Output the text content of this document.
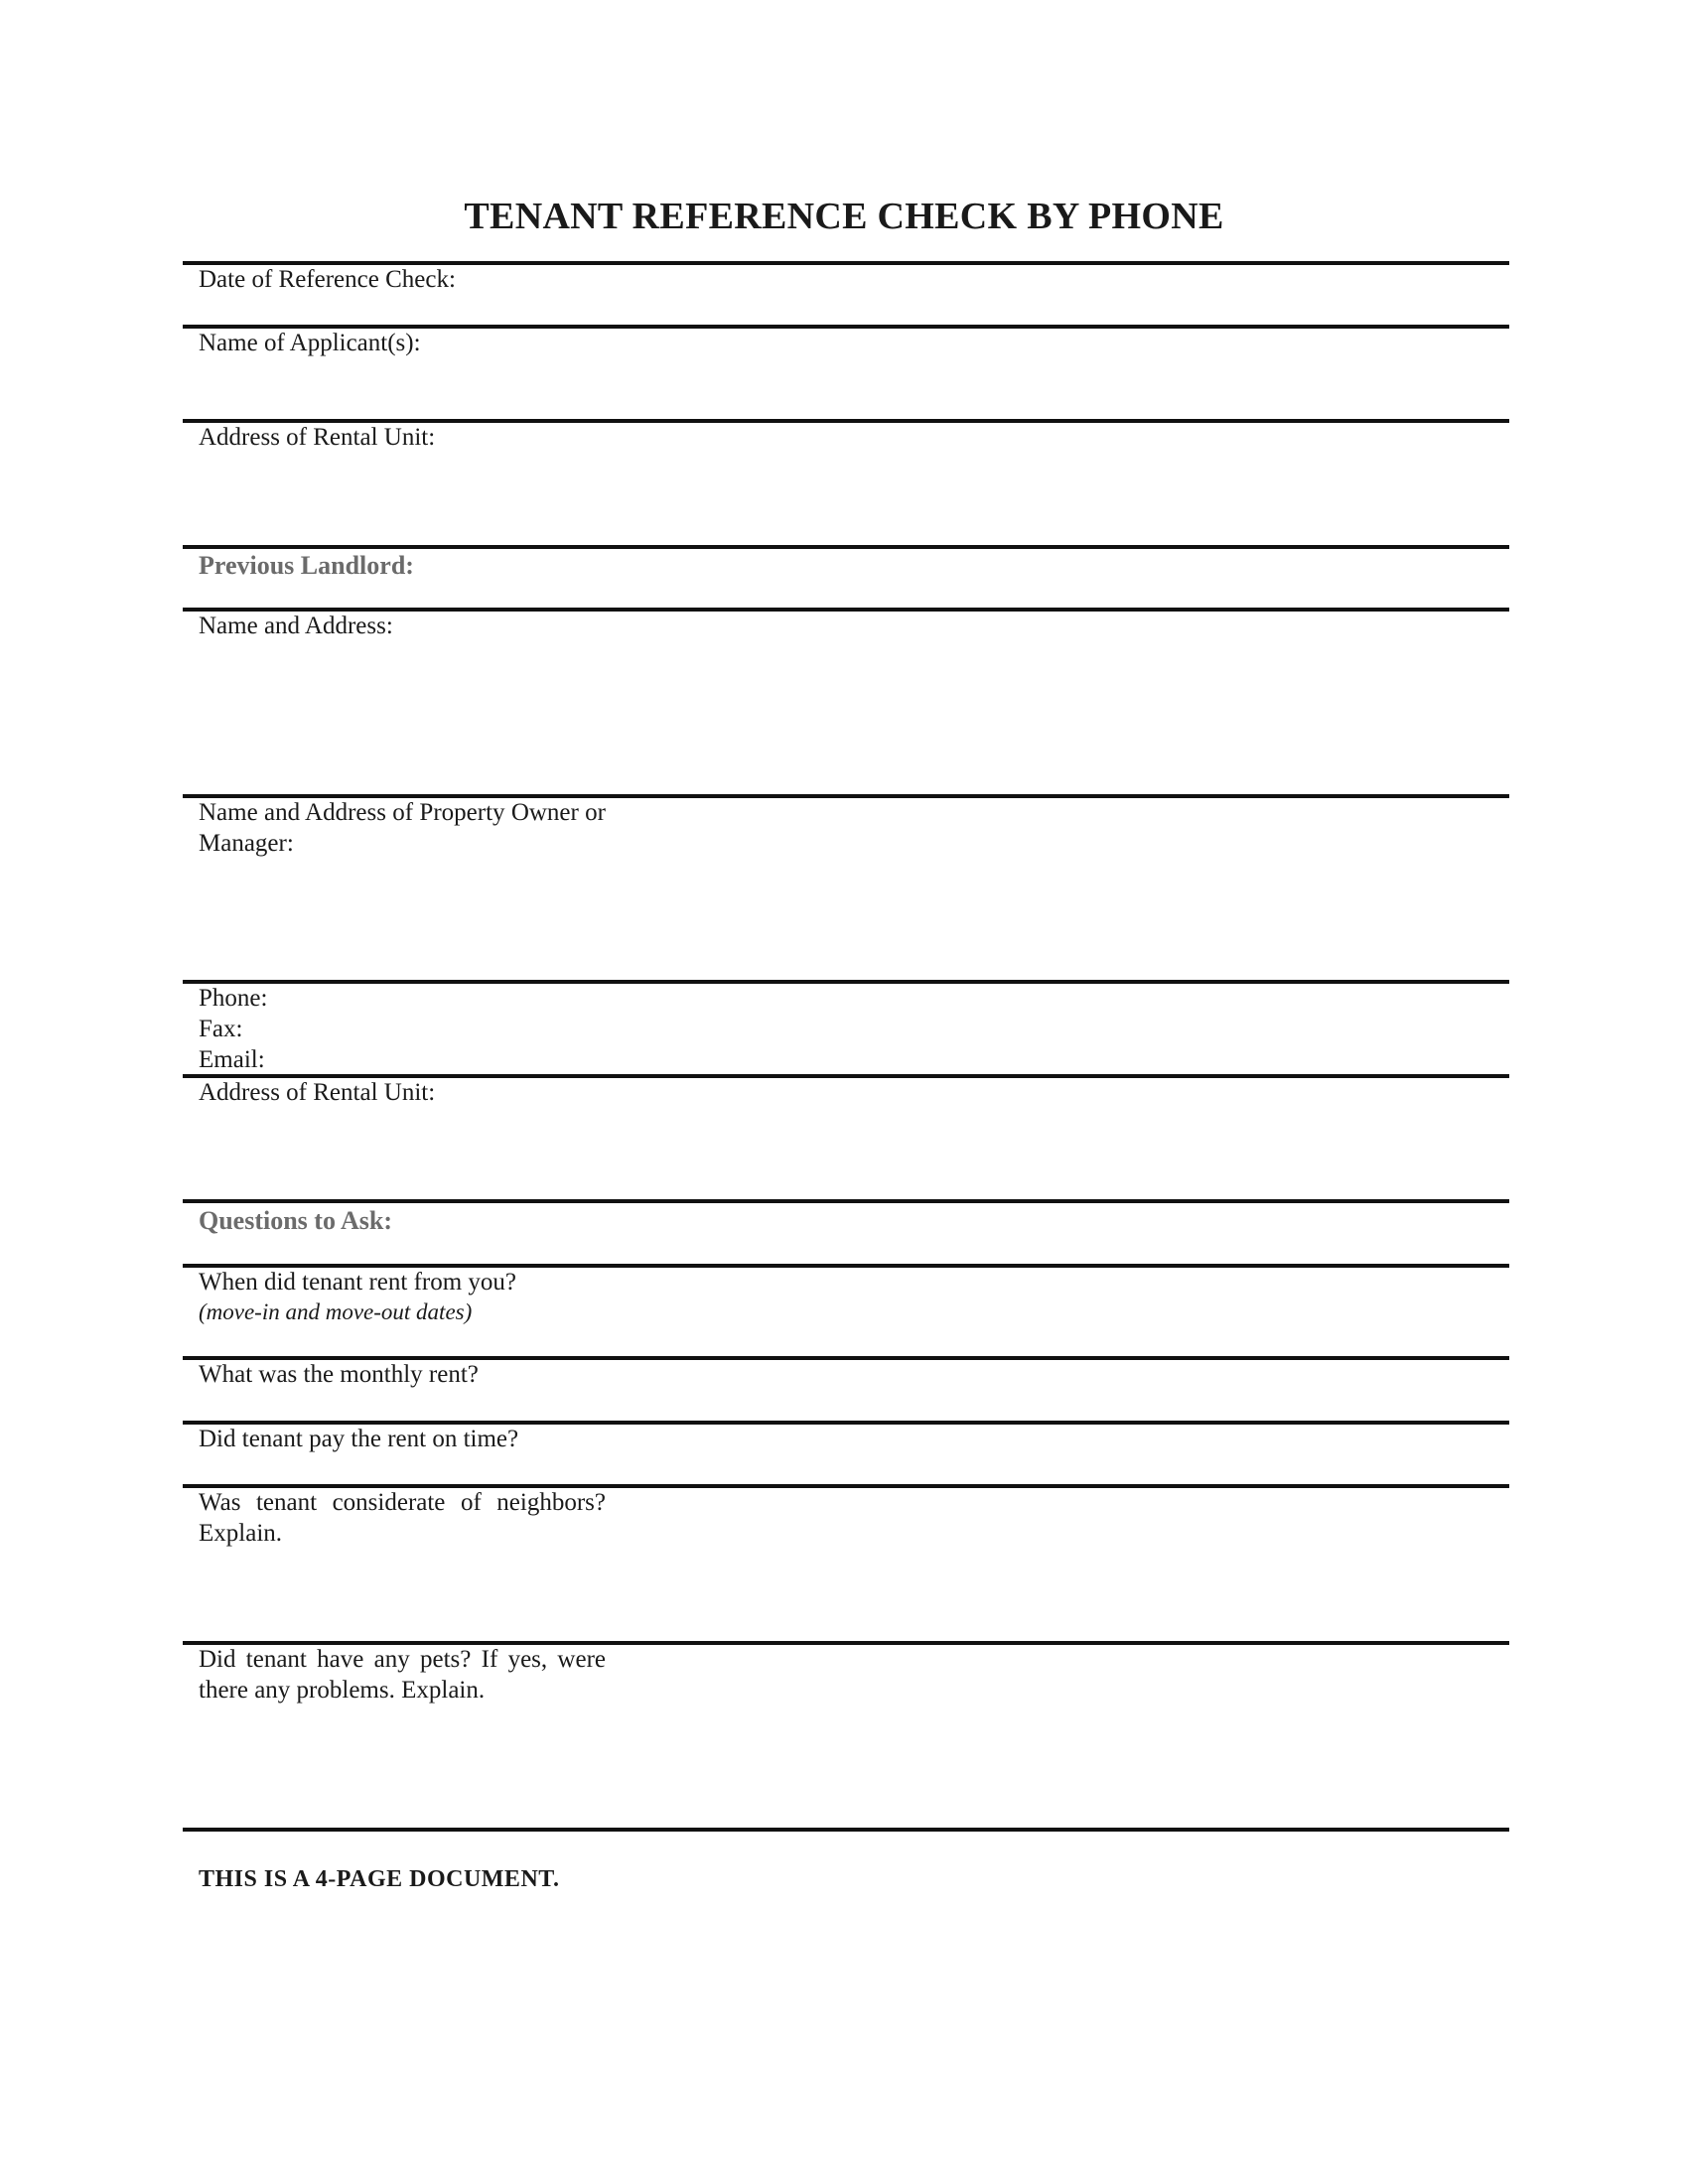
TENANT REFERENCE CHECK BY PHONE

Date of Reference Check:

Name of Applicant(s):

Address of Rental Unit:

Previous Landlord:

Name and Address:

Name and Address of Property Owner or Manager:

Phone:

Fax:

Email:

Address of Rental Unit:

Questions to Ask:

When did tenant rent from you?

(move-in and move-out dates)

What was the monthly rent?

Did tenant pay the rent on time?

Was tenant considerate of neighbors? Explain.

Did tenant have any pets? If yes, were there any problems. Explain.

THIS IS A 4-PAGE DOCUMENT.
